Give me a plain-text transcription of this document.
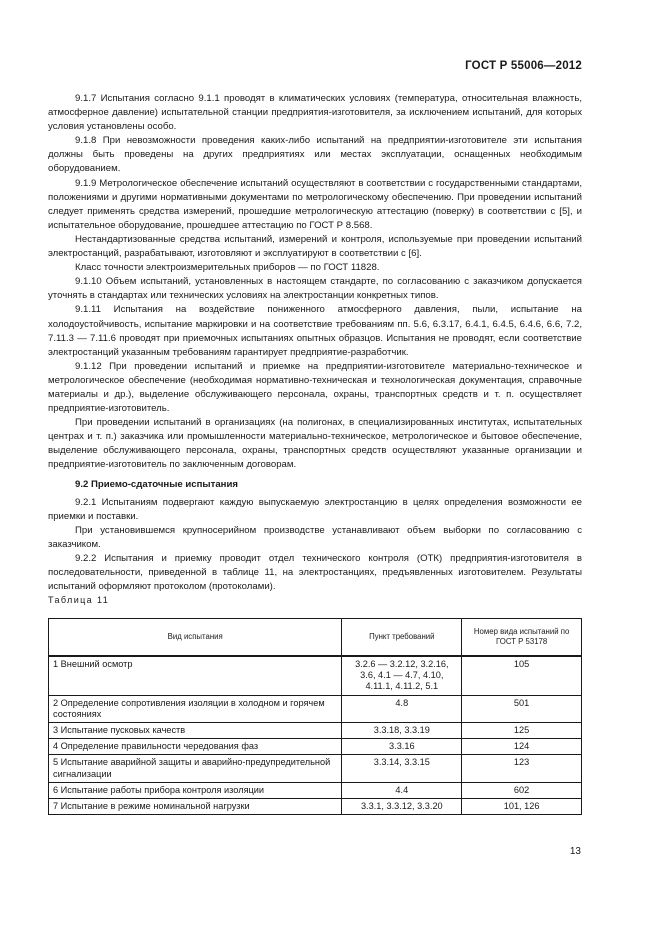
ГОСТ Р 55006—2012

9.1.7 Испытания согласно 9.1.1 проводят в климатических условиях (температура, относительная влажность, атмосферное давление) испытательной станции предприятия-изготовителя, за исключением испытаний, для которых условия установлены особо.

9.1.8 При невозможности проведения каких-либо испытаний на предприятии-изготовителе эти испытания должны быть проведены на других предприятиях или местах эксплуатации, оснащенных необходимым оборудованием.

9.1.9 Метрологическое обеспечение испытаний осуществляют в соответствии с государственными стандартами, положениями и другими нормативными документами по метрологическому обеспечению. При проведении испытаний следует применять средства измерений, прошедшие метрологическую аттестацию (поверку) в соответствии с [5], и испытательное оборудование, прошедшее аттестацию по ГОСТ Р 8.568.

Нестандартизованные средства испытаний, измерений и контроля, используемые при проведении испытаний электростанций, разрабатывают, изготовляют и эксплуатируют в соответствии с [6].

Класс точности электроизмерительных приборов — по ГОСТ 11828.

9.1.10 Объем испытаний, установленных в настоящем стандарте, по согласованию с заказчиком допускается уточнять в стандартах или технических условиях на электростанции конкретных типов.

9.1.11 Испытания на воздействие пониженного атмосферного давления, пыли, испытание на холодоустойчивость, испытание маркировки и на соответствие требованиям пп. 5.6, 6.3.17, 6.4.1, 6.4.5, 6.4.6, 6.6, 7.2, 7.11.3 — 7.11.6 проводят при приемочных испытаниях опытных образцов. Испытания не проводят, если соответствие электростанций указанным требованиям гарантирует предприятие-разработчик.

9.1.12 При проведении испытаний и приемке на предприятии-изготовителе материально-техническое и метрологическое обеспечение (необходимая нормативно-техническая и технологическая документация, справочные материалы и др.), выделение обслуживающего персонала, охраны, транспортных средств и т. п. осуществляет предприятие-изготовитель.

При проведении испытаний в организациях (на полигонах, в специализированных институтах, испытательных центрах и т. п.) заказчика или промышленности материально-техническое, метрологическое и бытовое обеспечение, выделение обслуживающего персонала, охраны, транспортных средств осуществляют указанные организации и предприятие-изготовитель по заключенным договорам.

9.2 Приемо-сдаточные испытания

9.2.1 Испытаниям подвергают каждую выпускаемую электростанцию в целях определения возможности ее приемки и поставки.

При установившемся крупносерийном производстве устанавливают объем выборки по согласованию с заказчиком.

9.2.2 Испытания и приемку проводит отдел технического контроля (ОТК) предприятия-изготовителя в последовательности, приведенной в таблице 11, на электростанциях, предъявленных изготовителем. Результаты испытаний оформляют протоколом (протоколами).

Таблица 11
Вид испытания	Пункт требований	Номер вида испытаний по ГОСТ Р 53178
1 Внешний осмотр	3.2.6 — 3.2.12, 3.2.16, 3.6, 4.1 — 4.7, 4.10, 4.11.1, 4.11.2, 5.1	105
2 Определение сопротивления изоляции в холодном и горячем состояниях	4.8	501
3 Испытание пусковых качеств	3.3.18, 3.3.19	125
4 Определение правильности чередования фаз	3.3.16	124
5 Испытание аварийной защиты и аварийно-предупредительной сигнализации	3.3.14, 3.3.15	123
6 Испытание работы прибора контроля изоляции	4.4	602
7 Испытание в режиме номинальной нагрузки	3.3.1, 3.3.12, 3.3.20	101, 126
13
